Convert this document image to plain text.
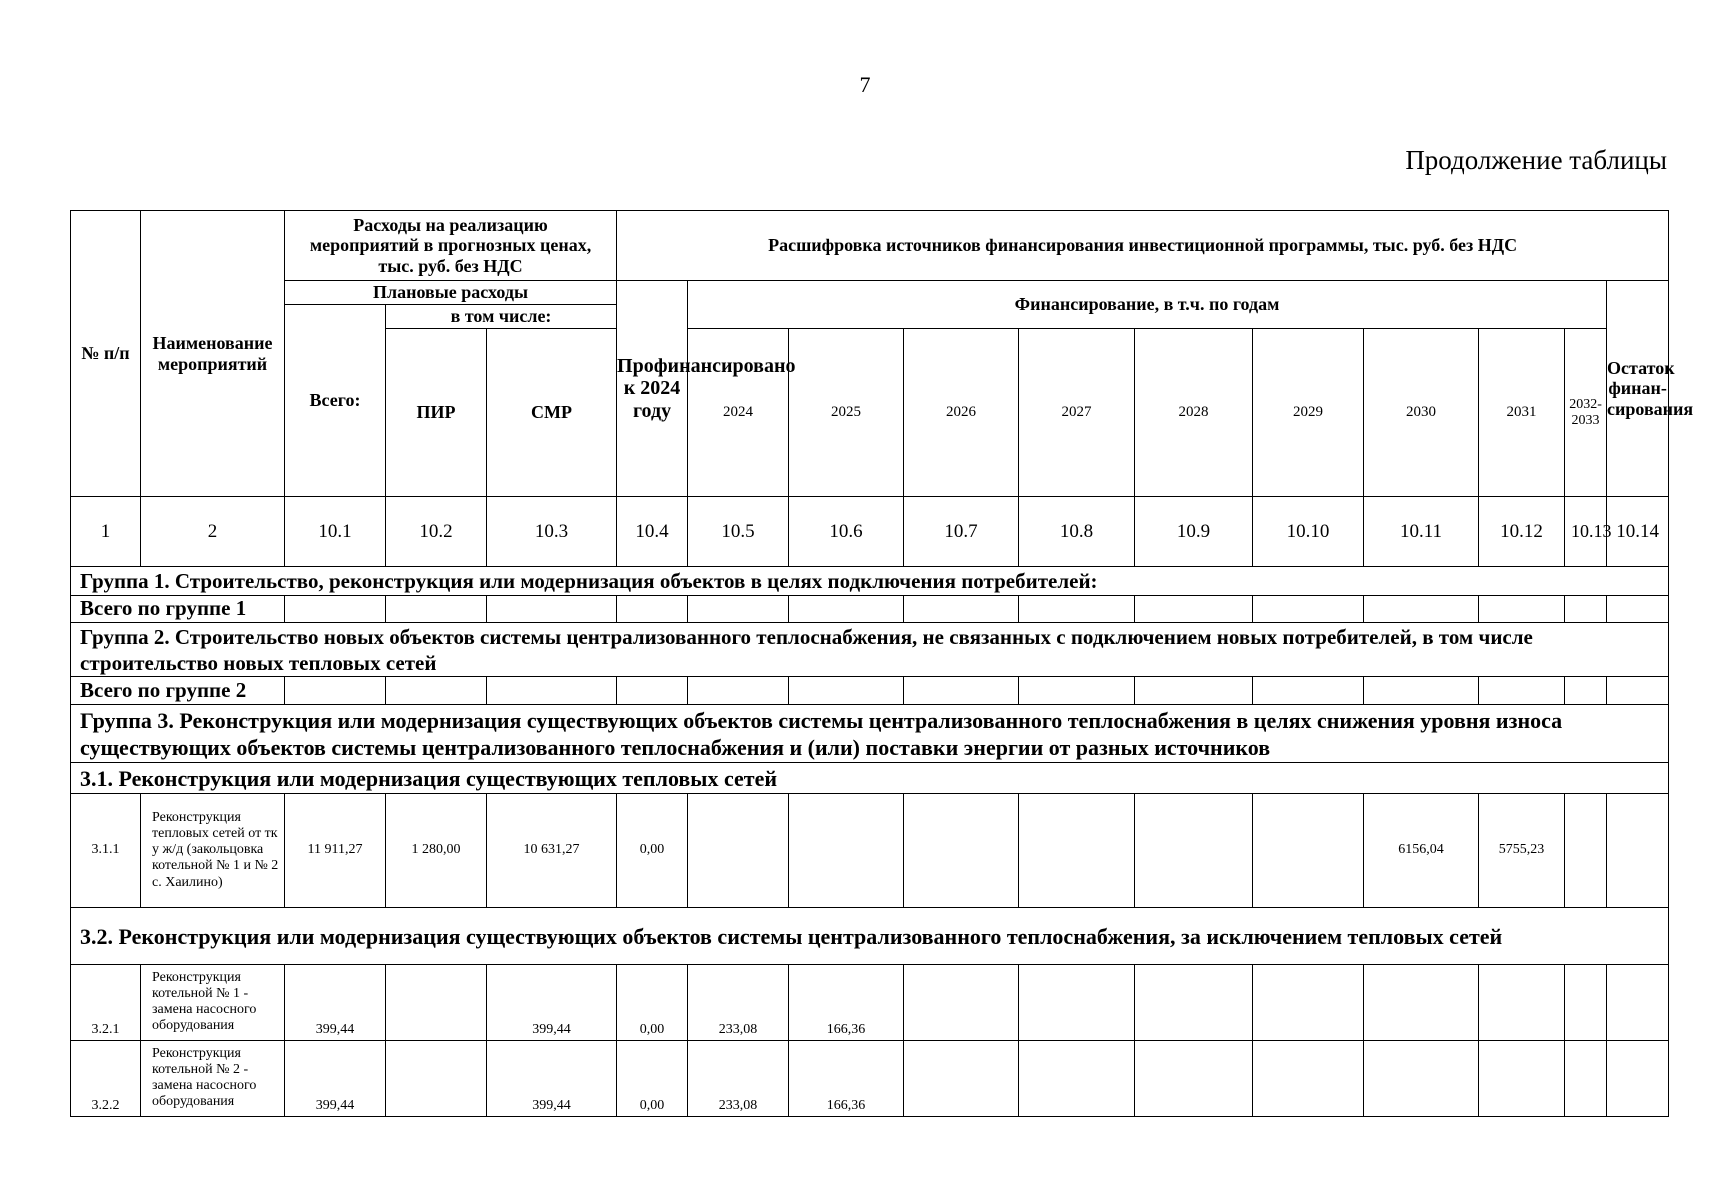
7
Продолжение таблицы
№ п/п	Наименование мероприятий	Расходы на реализацию мероприятий в прогнозных ценах, тыс. руб. без НДС			Расшифровка источников финансирования инвестиционной программы, тыс. руб. без НДС										
		Плановые расходы			Профинансировано к 2024 году	Финансирование, в т.ч. по годам									Остаток финан-сирования
		Всего:	в том числе:												
			ПИР	СМР		2024	2025	2026	2027	2028	2029	2030	2031	2032-2033	

1	2	10.1	10.2	10.3	10.4	10.5	10.6	10.7	10.8	10.9	10.10	10.11	10.12	10.13	10.14
Группа 1. Строительство, реконструкция или модернизация объектов в целях подключения потребителей:															
Всего по группе 1															
Группа 2. Строительство новых объектов системы централизованного теплоснабжения, не связанных с подключением новых потребителей, в том числе строительство новых тепловых сетей															
Всего по группе 2															
Группа 3. Реконструкция или модернизация существующих объектов системы централизованного теплоснабжения в целях снижения уровня износа существующих объектов системы централизованного теплоснабжения и (или) поставки энергии от разных источников															
3.1. Реконструкция или модернизация существующих тепловых сетей															
3.1.1	Реконструкция тепловых сетей от тк у ж/д (закольцовка котельной № 1 и № 2 с. Хаилино)	11 911,27	1 280,00	10 631,27	0,00							6156,04	5755,23		
3.2. Реконструкция или модернизация существующих объектов системы централизованного теплоснабжения, за исключением тепловых сетей															
3.2.1	Реконструкция котельной № 1 - замена насосного оборудования	399,44		399,44	0,00	233,08	166,36								
3.2.2	Реконструкция котельной № 2 - замена насосного оборудования	399,44		399,44	0,00	233,08	166,36								
